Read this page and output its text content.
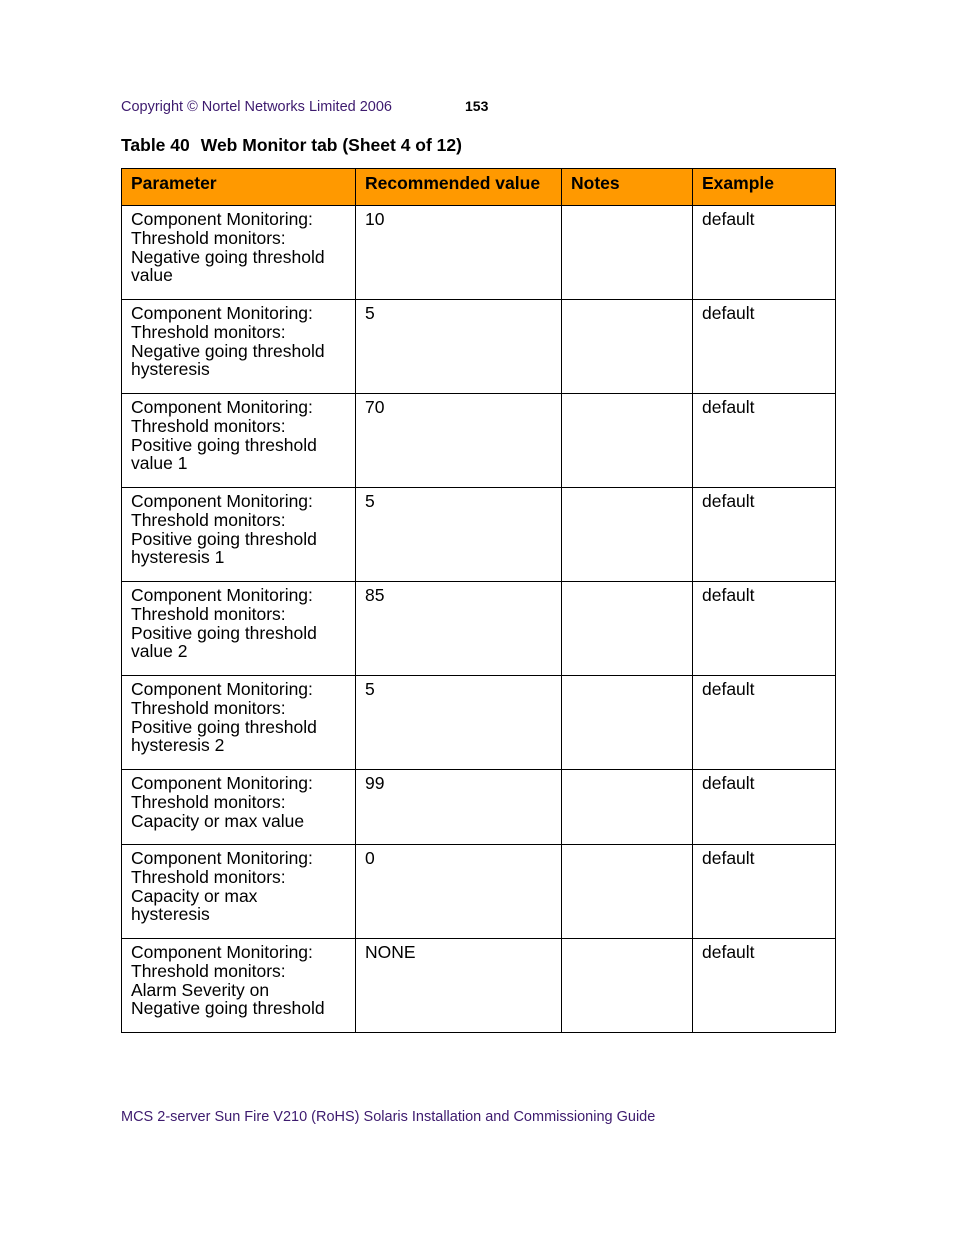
Copyright © Nortel Networks Limited 2006	153
Table 40 Web Monitor tab (Sheet 4 of 12)
Parameter	Recommended value	Notes	Example
Component Monitoring:
Threshold monitors:
Negative going threshold
value	10		default
Component Monitoring:
Threshold monitors:
Negative going threshold
hysteresis	5		default
Component Monitoring:
Threshold monitors:
Positive going threshold
value 1	70		default
Component Monitoring:
Threshold monitors:
Positive going threshold
hysteresis 1	5		default
Component Monitoring:
Threshold monitors:
Positive going threshold
value 2	85		default
Component Monitoring:
Threshold monitors:
Positive going threshold
hysteresis 2	5		default
Component Monitoring:
Threshold monitors:
Capacity or max value	99		default
Component Monitoring:
Threshold monitors:
Capacity or max
hysteresis	0		default
Component Monitoring:
Threshold monitors:
Alarm Severity on
Negative going threshold	NONE		default
MCS 2-server Sun Fire V210 (RoHS) Solaris Installation and Commissioning Guide
